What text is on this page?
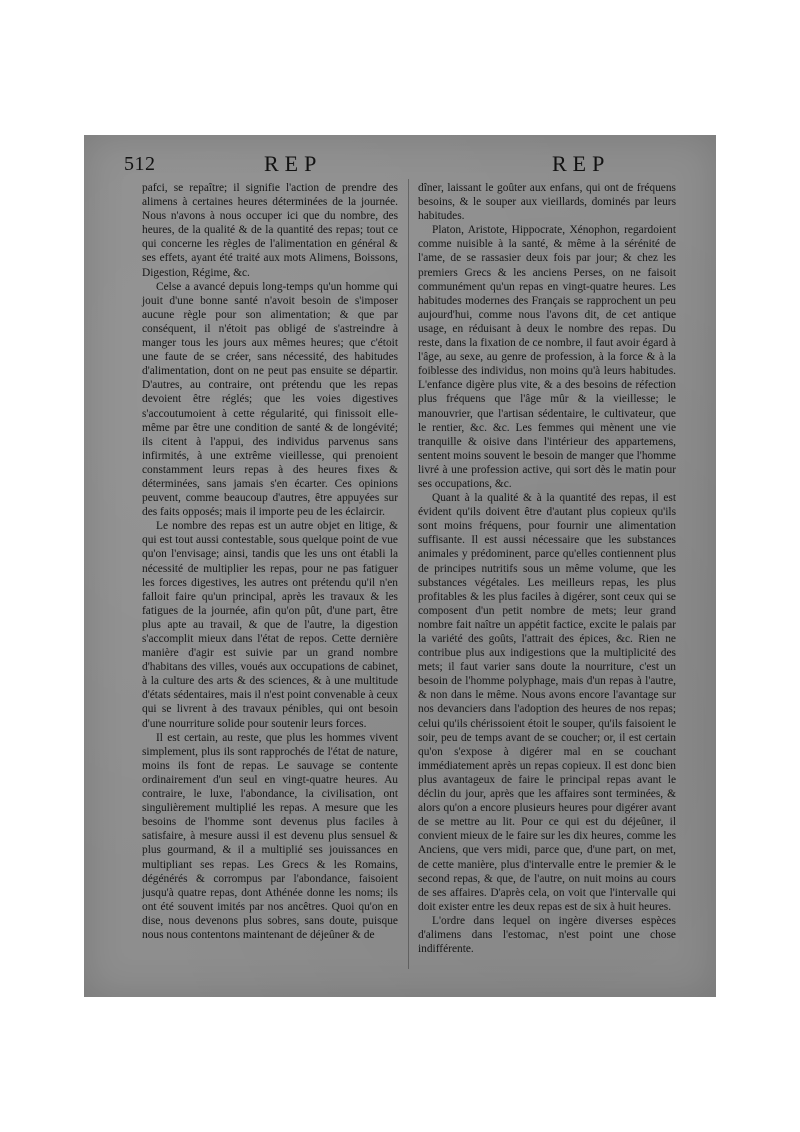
512	REP	REP

pafci, se repaître; il signifie l'action de prendre des alimens à certaines heures déterminées de la journée. Nous n'avons à nous occuper ici que du nombre, des heures, de la qualité & de la quantité des repas; tout ce qui concerne les règles de l'alimentation en général & ses effets, ayant été traité aux mots Alimens, Boissons, Digestion, Régime, &c.

Celse a avancé depuis long-temps qu'un homme qui jouit d'une bonne santé n'avoit besoin de s'imposer aucune règle pour son alimentation; & que par conséquent, il n'étoit pas obligé de s'astreindre à manger tous les jours aux mêmes heures; que c'étoit une faute de se créer, sans nécessité, des habitudes d'alimentation, dont on ne peut pas ensuite se départir. D'autres, au contraire, ont prétendu que les repas devoient être réglés; que les voies digestives s'accoutumoient à cette régularité, qui finissoit elle-même par être une condition de santé & de longévité; ils citent à l'appui, des individus parvenus sans infirmités, à une extrême vieillesse, qui prenoient constamment leurs repas à des heures fixes & déterminées, sans jamais s'en écarter. Ces opinions peuvent, comme beaucoup d'autres, être appuyées sur des faits opposés; mais il importe peu de les éclaircir.

Le nombre des repas est un autre objet en litige, & qui est tout aussi contestable, sous quelque point de vue qu'on l'envisage; ainsi, tandis que les uns ont établi la nécessité de multiplier les repas, pour ne pas fatiguer les forces digestives, les autres ont prétendu qu'il n'en falloit faire qu'un principal, après les travaux & les fatigues de la journée, afin qu'on pût, d'une part, être plus apte au travail, & que de l'autre, la digestion s'accomplit mieux dans l'état de repos. Cette dernière manière d'agir est suivie par un grand nombre d'habitans des villes, voués aux occupations de cabinet, à la culture des arts & des sciences, & à une multitude d'états sédentaires, mais il n'est point convenable à ceux qui se livrent à des travaux pénibles, qui ont besoin d'une nourriture solide pour soutenir leurs forces.

Il est certain, au reste, que plus les hommes vivent simplement, plus ils sont rapprochés de l'état de nature, moins ils font de repas. Le sauvage se contente ordinairement d'un seul en vingt-quatre heures. Au contraire, le luxe, l'abondance, la civilisation, ont singulièrement multiplié les repas. A mesure que les besoins de l'homme sont devenus plus faciles à satisfaire, à mesure aussi il est devenu plus sensuel & plus gourmand, & il a multiplié ses jouissances en multipliant ses repas. Les Grecs & les Romains, dégénérés & corrompus par l'abondance, faisoient jusqu'à quatre repas, dont Athénée donne les noms; ils ont été souvent imités par nos ancêtres. Quoi qu'on en dise, nous devenons plus sobres, sans doute, puisque nous nous contentons maintenant de déjeûner & de

dîner, laissant le goûter aux enfans, qui ont de fréquens besoins, & le souper aux vieillards, dominés par leurs habitudes.

Platon, Aristote, Hippocrate, Xénophon, regardoient comme nuisible à la santé, & même à la sérénité de l'ame, de se rassasier deux fois par jour; & chez les premiers Grecs & les anciens Perses, on ne faisoit communément qu'un repas en vingt-quatre heures. Les habitudes modernes des Français se rapprochent un peu aujourd'hui, comme nous l'avons dit, de cet antique usage, en réduisant à deux le nombre des repas. Du reste, dans la fixation de ce nombre, il faut avoir égard à l'âge, au sexe, au genre de profession, à la force & à la foiblesse des individus, non moins qu'à leurs habitudes. L'enfance digère plus vite, & a des besoins de réfection plus fréquens que l'âge mûr & la vieillesse; le manouvrier, que l'artisan sédentaire, le cultivateur, que le rentier, &c. &c. Les femmes qui mènent une vie tranquille & oisive dans l'intérieur des appartemens, sentent moins souvent le besoin de manger que l'homme livré à une profession active, qui sort dès le matin pour ses occupations, &c.

Quant à la qualité & à la quantité des repas, il est évident qu'ils doivent être d'autant plus copieux qu'ils sont moins fréquens, pour fournir une alimentation suffisante. Il est aussi nécessaire que les substances animales y prédominent, parce qu'elles contiennent plus de principes nutritifs sous un même volume, que les substances végétales. Les meilleurs repas, les plus profitables & les plus faciles à digérer, sont ceux qui se composent d'un petit nombre de mets; leur grand nombre fait naître un appétit factice, excite le palais par la variété des goûts, l'attrait des épices, &c. Rien ne contribue plus aux indigestions que la multiplicité des mets; il faut varier sans doute la nourriture, c'est un besoin de l'homme polyphage, mais d'un repas à l'autre, & non dans le même. Nous avons encore l'avantage sur nos devanciers dans l'adoption des heures de nos repas; celui qu'ils chérissoient étoit le souper, qu'ils faisoient le soir, peu de temps avant de se coucher; or, il est certain qu'on s'expose à digérer mal en se couchant immédiatement après un repas copieux. Il est donc bien plus avantageux de faire le principal repas avant le déclin du jour, après que les affaires sont terminées, & alors qu'on a encore plusieurs heures pour digérer avant de se mettre au lit. Pour ce qui est du déjeûner, il convient mieux de le faire sur les dix heures, comme les Anciens, que vers midi, parce que, d'une part, on met, de cette manière, plus d'intervalle entre le premier & le second repas, & que, de l'autre, on nuit moins au cours de ses affaires. D'après cela, on voit que l'intervalle qui doit exister entre les deux repas est de six à huit heures.

L'ordre dans lequel on ingère diverses espèces d'alimens dans l'estomac, n'est point une chose indifférente.
